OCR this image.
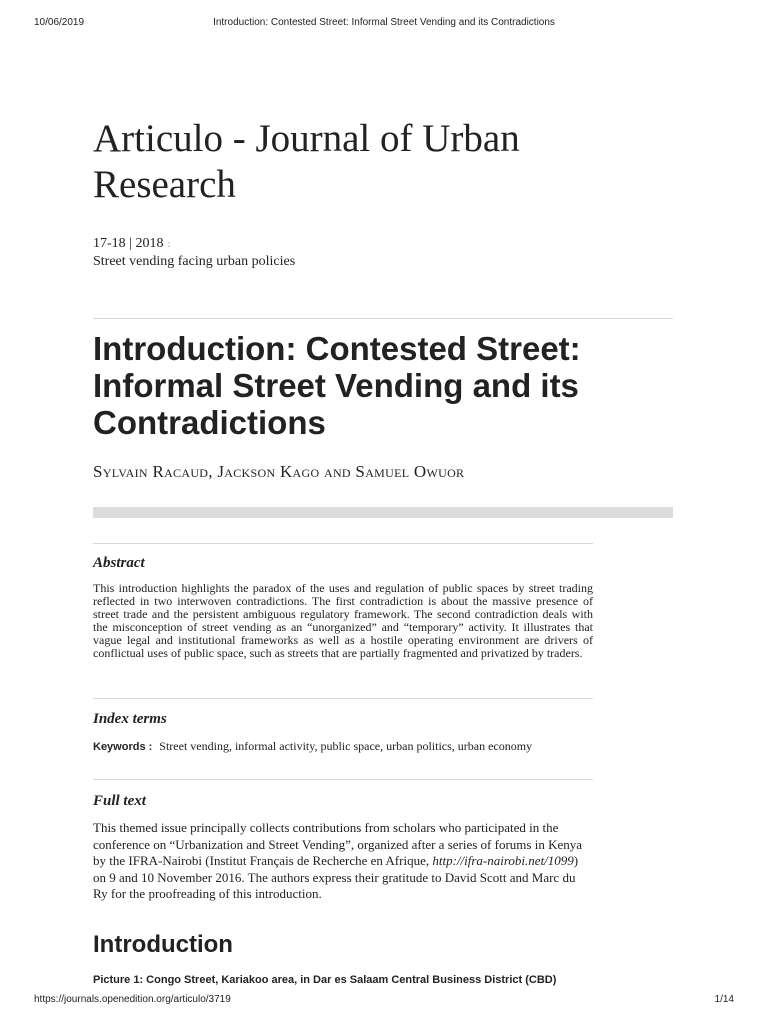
10/06/2019	Introduction: Contested Street: Informal Street Vending and its Contradictions
Articulo - Journal of Urban Research
17-18 | 2018 :
Street vending facing urban policies
Introduction: Contested Street: Informal Street Vending and its Contradictions
Sylvain Racaud, Jackson Kago and Samuel Owuor
Abstract

This introduction highlights the paradox of the uses and regulation of public spaces by street trading reflected in two interwoven contradictions. The first contradiction is about the massive presence of street trade and the persistent ambiguous regulatory framework. The second contradiction deals with the misconception of street vending as an “unorganized” and “temporary” activity. It illustrates that vague legal and institutional frameworks as well as a hostile operating environment are drivers of conflictual uses of public space, such as streets that are partially fragmented and privatized by traders.

Index terms
Keywords : Street vending, informal activity, public space, urban politics, urban economy
Full text

This themed issue principally collects contributions from scholars who participated in the conference on “Urbanization and Street Vending”, organized after a series of forums in Kenya by the IFRA-Nairobi (Institut Français de Recherche en Afrique, http://ifra-nairobi.net/1099) on 9 and 10 November 2016. The authors express their gratitude to David Scott and Marc du Ry for the proofreading of this introduction.

Introduction
Picture 1: Congo Street, Kariakoo area, in Dar es Salaam Central Business District (CBD)
https://journals.openedition.org/articulo/3719	1/14
